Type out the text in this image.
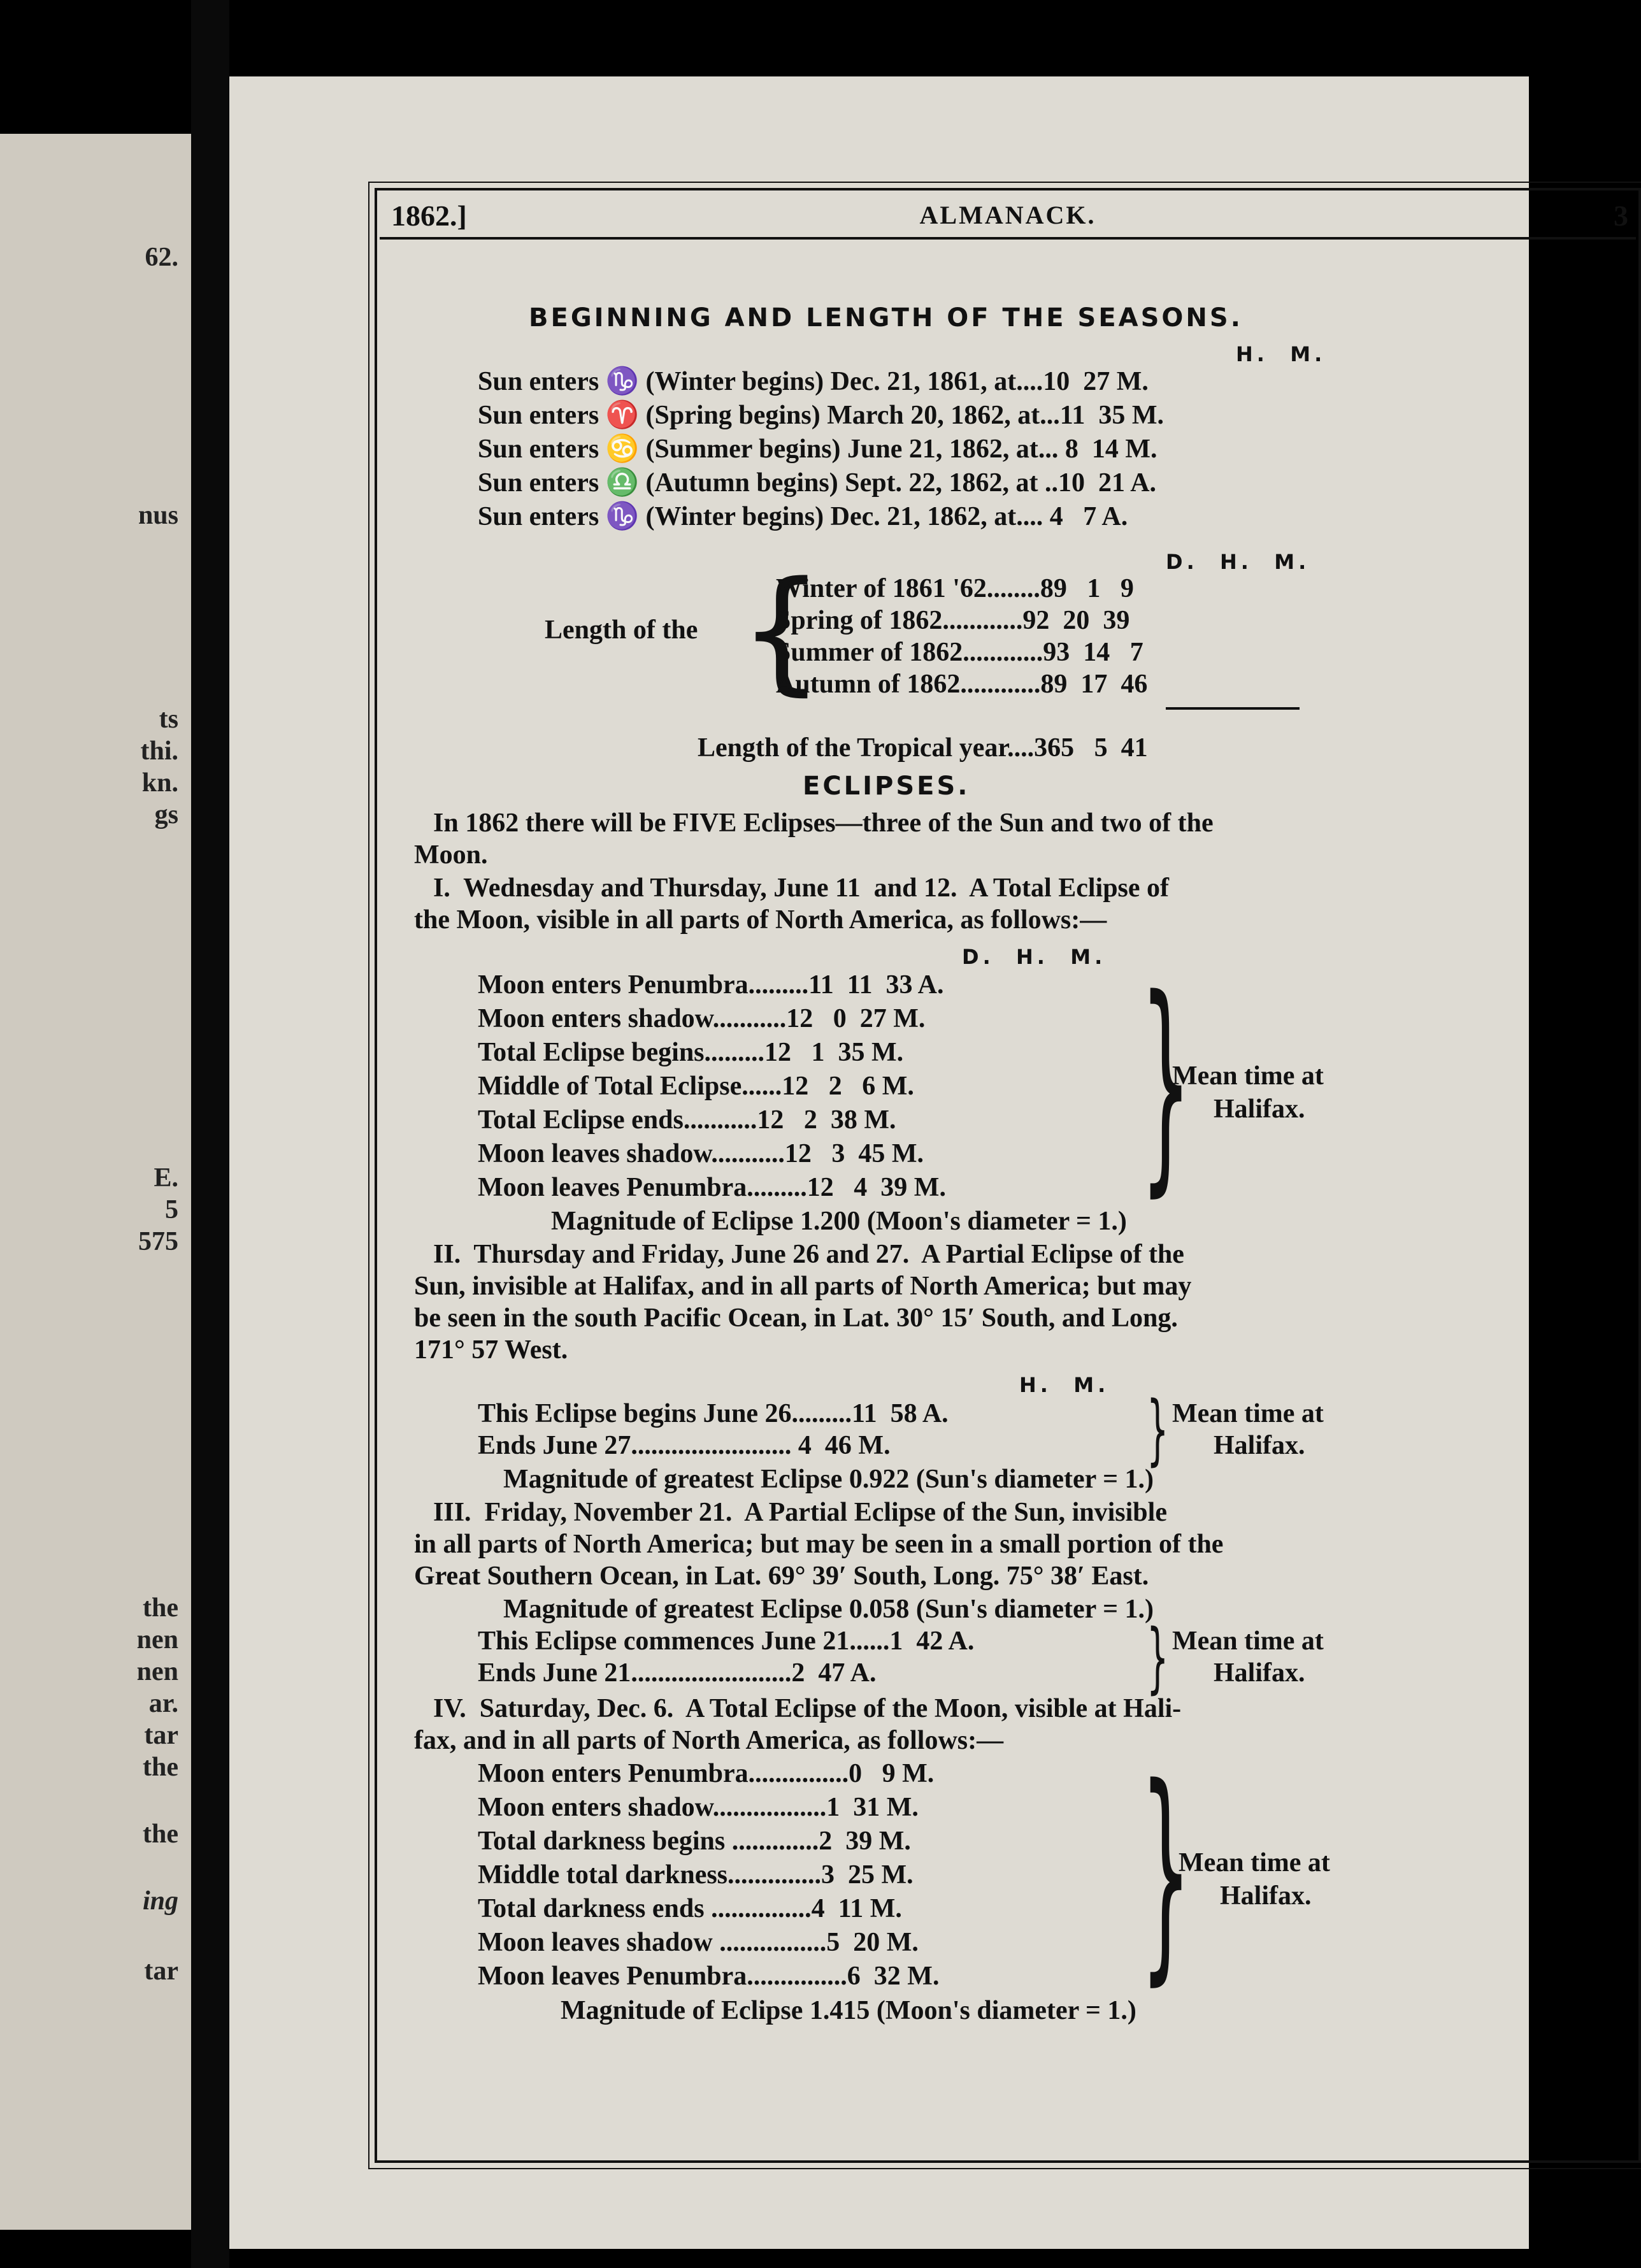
62.
nus
ts
thi.
kn.
gs
E.
5
575
the
nen
nen
ar.
tar
the
the
ing
tar
1862.]	ALMANACK.	3
BEGINNING AND LENGTH OF THE SEASONS.
H.  M.
Sun enters ♑ (Winter begins) Dec. 21, 1861, at....10  27 M.
Sun enters ♈ (Spring begins) March 20, 1862, at...11  35 M.
Sun enters ♋ (Summer begins) June 21, 1862, at... 8  14 M.
Sun enters ♎ (Autumn begins) Sept. 22, 1862, at ..10  21 A.
Sun enters ♑ (Winter begins) Dec. 21, 1862, at.... 4   7 A.
D.  H.  M.
Length of the {
Winter of 1861 '62........89   1   9
Spring of 1862............92  20  39
Summer of 1862............93  14   7
Autumn of 1862............89  17  46
Length of the Tropical year....365   5  41
ECLIPSES.
In 1862 there will be FIVE Eclipses—three of the Sun and two of the
Moon.
I.  Wednesday and Thursday, June 11  and 12.  A Total Eclipse of
the Moon, visible in all parts of North America, as follows:—
D.  H.  M.
Moon enters Penumbra.........11  11  33 A.
Moon enters shadow...........12   0  27 M.
Total Eclipse begins.........12   1  35 M.
Middle of Total Eclipse......12   2   6 M.
Total Eclipse ends...........12   2  38 M.
Moon leaves shadow...........12   3  45 M.
Moon leaves Penumbra.........12   4  39 M. }
Mean time at
Halifax.
Magnitude of Eclipse 1.200 (Moon's diameter = 1.)
II.  Thursday and Friday, June 26 and 27.  A Partial Eclipse of the
Sun, invisible at Halifax, and in all parts of North America; but may
be seen in the south Pacific Ocean, in Lat. 30° 15′ South, and Long.
171° 57 West.
H.  M.
This Eclipse begins June 26.........11  58 A.
Ends June 27........................ 4  46 M.	} Mean time at
Halifax.
Magnitude of greatest Eclipse 0.922 (Sun's diameter = 1.)
III.  Friday, November 21.  A Partial Eclipse of the Sun, invisible
in all parts of North America; but may be seen in a small portion of the
Great Southern Ocean, in Lat. 69° 39′ South, Long. 75° 38′ East.
Magnitude of greatest Eclipse 0.058 (Sun's diameter = 1.)
This Eclipse commences June 21......1  42 A.
Ends June 21........................2  47 A.	} Mean time at
Halifax.
IV.  Saturday, Dec. 6.  A Total Eclipse of the Moon, visible at Hali-
fax, and in all parts of North America, as follows:—
Moon enters Penumbra...............0   9 M.
Moon enters shadow.................1  31 M.
Total darkness begins .............2  39 M.
Middle total darkness..............3  25 M.
Total darkness ends ...............4  11 M.
Moon leaves shadow ................5  20 M.
Moon leaves Penumbra...............6  32 M. }
Mean time at
Halifax.
Magnitude of Eclipse 1.415 (Moon's diameter = 1.)
